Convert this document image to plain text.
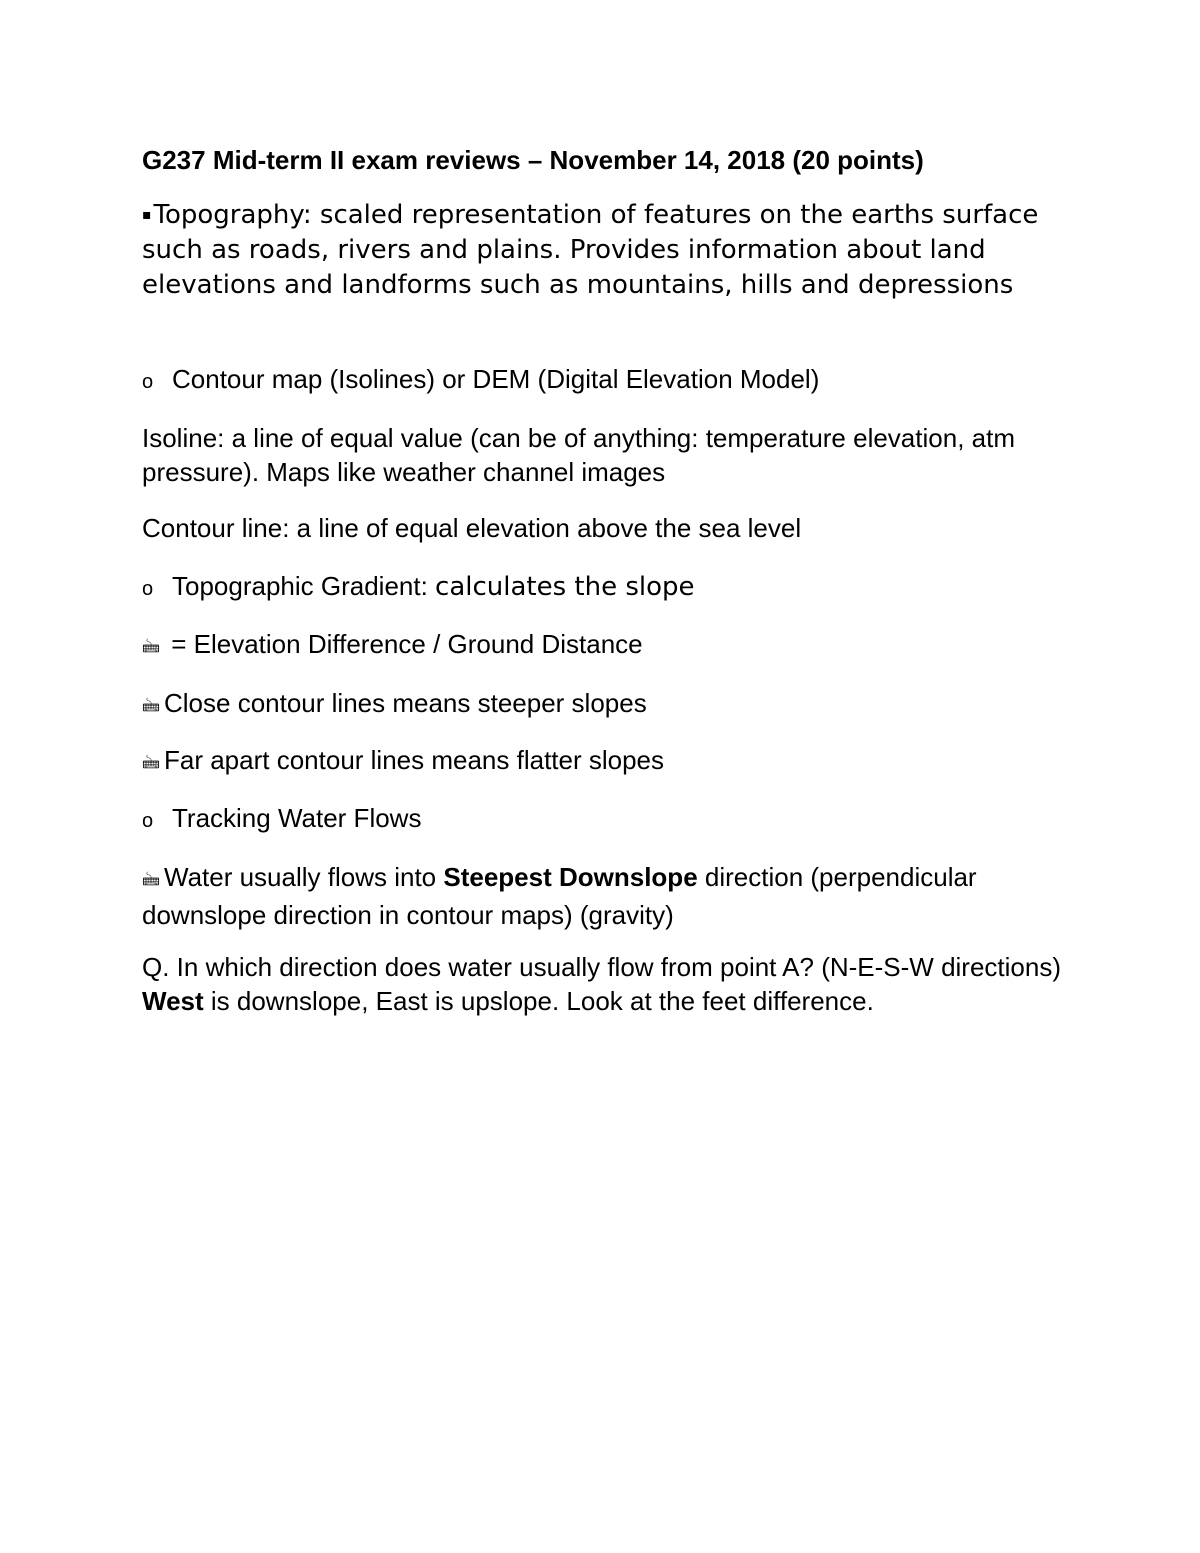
G237 Mid-term II exam reviews – November 14, 2018 (20 points)

▪Topography: scaled representation of features on the earths surface such as roads, rivers and plains. Provides information about land elevations and landforms such as mountains, hills and depressions

o Contour map (Isolines) or DEM (Digital Elevation Model)

Isoline: a line of equal value (can be of anything: temperature elevation, atm pressure). Maps like weather channel images

Contour line: a line of equal elevation above the sea level

o Topographic Gradient: calculates the slope

🖮 = Elevation Difference / Ground Distance

🖮 Close contour lines means steeper slopes

🖮 Far apart contour lines means flatter slopes

o Tracking Water Flows

🖮 Water usually flows into Steepest Downslope direction (perpendicular downslope direction in contour maps) (gravity)

Q. In which direction does water usually flow from point A? (N-E-S-W directions) West is downslope, East is upslope. Look at the feet difference.
